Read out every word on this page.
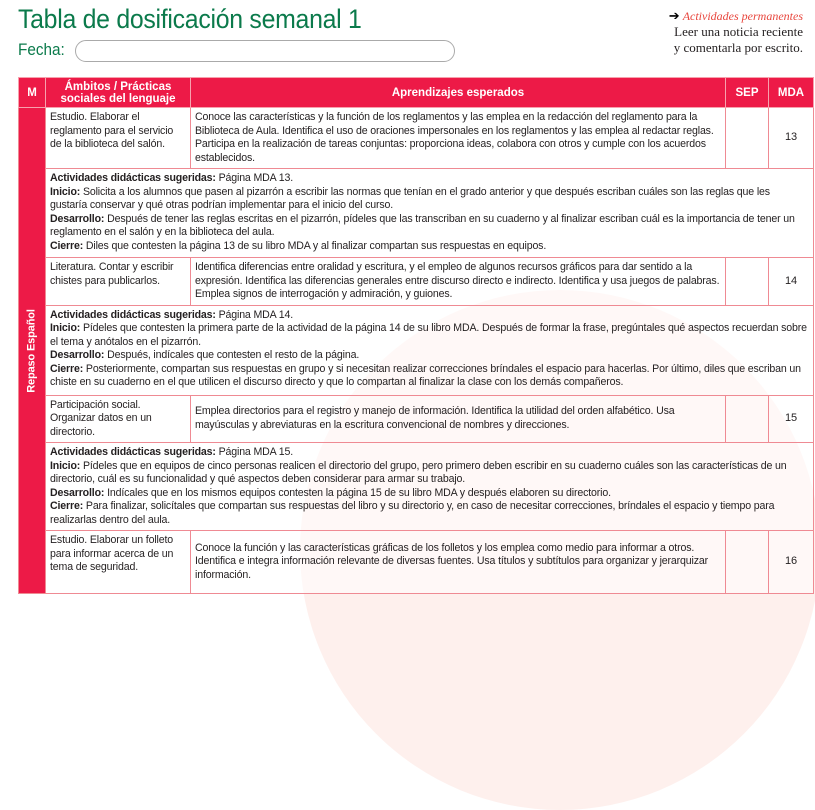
Tabla de dosificación semanal 1
Fecha:
➔ Actividades permanentes
Leer una noticia reciente
y comentarla por escrito.
M	Ámbitos / Prácticas sociales del lenguaje	Aprendizajes esperados	SEP	MDA

Repaso Español	Estudio. Elaborar el reglamento para el servicio de la biblioteca del salón.	Conoce las características y la función de los reglamentos y las emplea en la redacción del reglamento para la Biblioteca de Aula. Identifica el uso de oraciones impersonales en los reglamentos y las emplea al redactar reglas. Participa en la realización de tareas conjuntas: proporciona ideas, colabora con otros y cumple con los acuerdos establecidos.		13

	Actividades didácticas sugeridas: Página MDA 13.
Inicio: Solicita a los alumnos que pasen al pizarrón a escribir las normas que tenían en el grado anterior y que después escriban cuáles son las reglas que les gustaría conservar y qué otras podrían implementar para el inicio del curso.
Desarrollo: Después de tener las reglas escritas en el pizarrón, pídeles que las transcriban en su cuaderno y al finalizar escriban cuál es la importancia de tener un reglamento en el salón y en la biblioteca del aula.
Cierre: Diles que contesten la página 13 de su libro MDA y al finalizar compartan sus respuestas en equipos.			

	Literatura. Contar y escribir chistes para publicarlos.	Identifica diferencias entre oralidad y escritura, y el empleo de algunos recursos gráficos para dar sentido a la expresión. Identifica las diferencias generales entre discurso directo e indirecto. Identifica y usa juegos de palabras. Emplea signos de interrogación y admiración, y guiones.		14

	Actividades didácticas sugeridas: Página MDA 14.
Inicio: Pídeles que contesten la primera parte de la actividad de la página 14 de su libro MDA. Después de formar la frase, pregúntales qué aspectos recuerdan sobre el tema y anótalos en el pizarrón.
Desarrollo: Después, indícales que contesten el resto de la página.
Cierre: Posteriormente, compartan sus respuestas en grupo y si necesitan realizar correcciones bríndales el espacio para hacerlas. Por último, diles que escriban un chiste en su cuaderno en el que utilicen el discurso directo y que lo compartan al finalizar la clase con los demás compañeros.			

	Participación social. Organizar datos en un directorio.	Emplea directorios para el registro y manejo de información. Identifica la utilidad del orden alfabético. Usa mayúsculas y abreviaturas en la escritura convencional de nombres y direcciones.		15

	Actividades didácticas sugeridas: Página MDA 15.
Inicio: Pídeles que en equipos de cinco personas realicen el directorio del grupo, pero primero deben escribir en su cuaderno cuáles son las características de un directorio, cuál es su funcionalidad y qué aspectos deben considerar para armar su trabajo.
Desarrollo: Indícales que en los mismos equipos contesten la página 15 de su libro MDA y después elaboren su directorio.
Cierre: Para finalizar, solicítales que compartan sus respuestas del libro y su directorio y, en caso de necesitar correcciones, bríndales el espacio y tiempo para realizarlas dentro del aula.			

	Estudio. Elaborar un folleto para informar acerca de un tema de seguridad.	Conoce la función y las características gráficas de los folletos y los emplea como medio para informar a otros. Identifica e integra información relevante de diversas fuentes. Usa títulos y subtítulos para organizar y jerarquizar información.		16
